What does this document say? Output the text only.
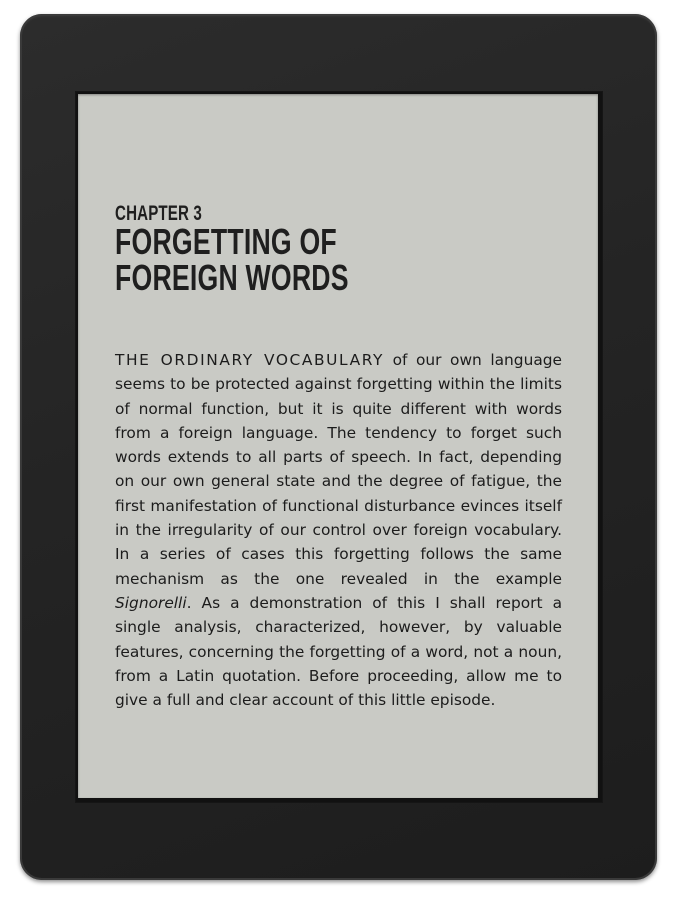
CHAPTER 3
FORGETTING OF FOREIGN WORDS
THE ORDINARY VOCABULARY of our own language seems to be protected against forgetting within the limits of normal function, but it is quite different with words from a foreign language. The tendency to forget such words extends to all parts of speech. In fact, depending on our own general state and the degree of fatigue, the first manifestation of functional disturbance evinces itself in the irregularity of our control over foreign vocabulary. In a series of cases this forgetting follows the same mechanism as the one revealed in the example Signorelli. As a demonstration of this I shall report a single analysis, characterized, however, by valuable features, concerning the forgetting of a word, not a noun, from a Latin quotation. Before proceeding, allow me to give a full and clear account of this little episode.
